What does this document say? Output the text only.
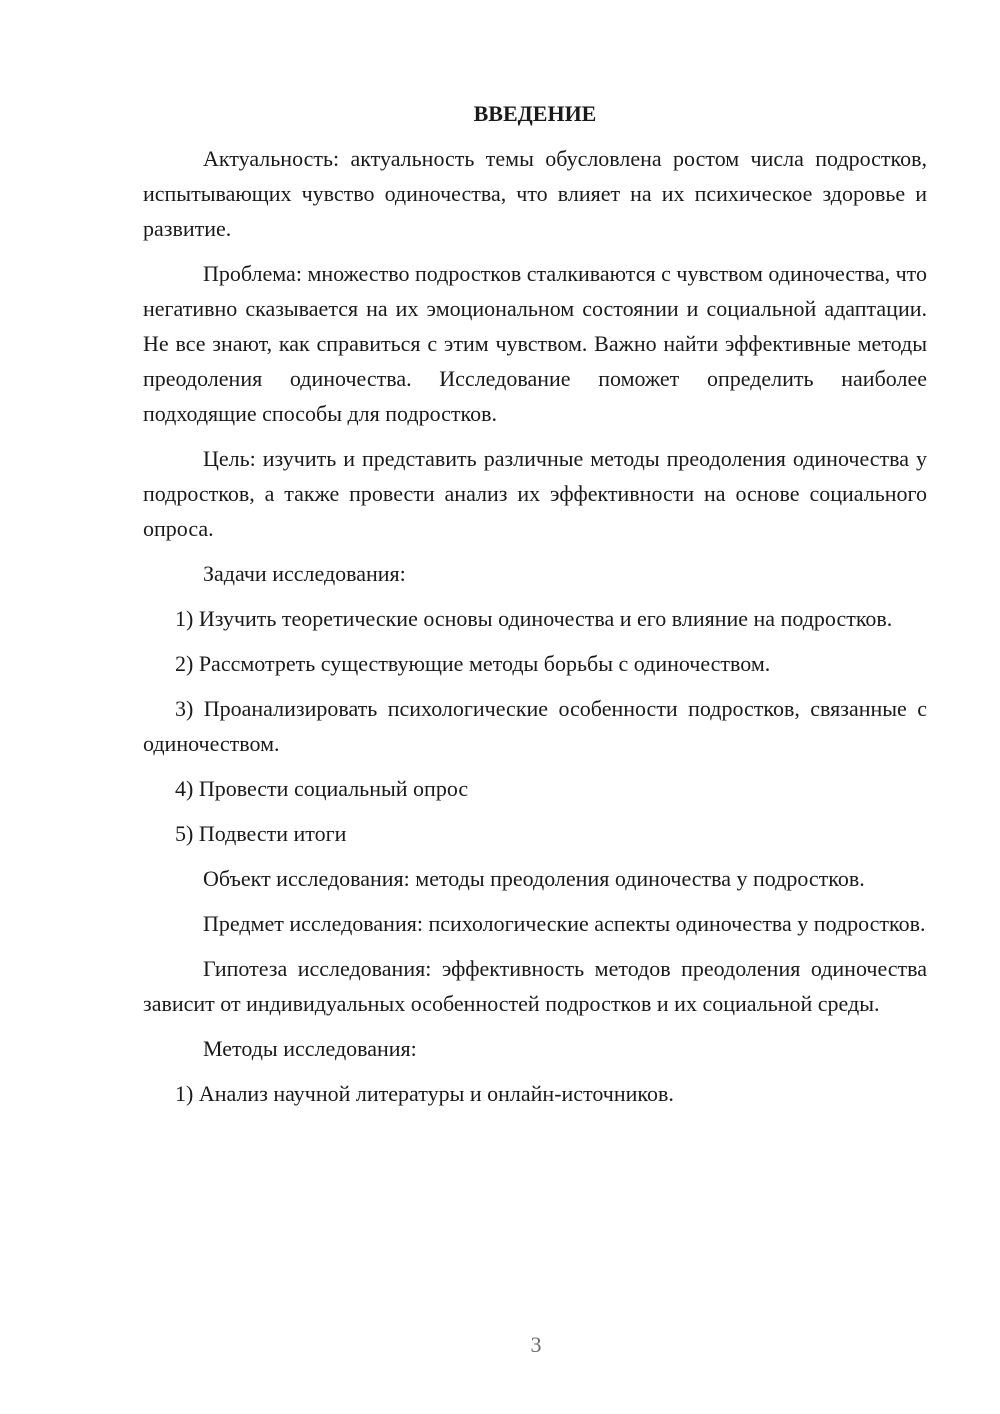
ВВЕДЕНИЕ

Актуальность: актуальность темы обусловлена ростом числа подростков, испытывающих чувство одиночества, что влияет на их психическое здоровье и развитие.

Проблема: множество подростков сталкиваются с чувством одиночества, что негативно сказывается на их эмоциональном состоянии и социальной адаптации. Не все знают, как справиться с этим чувством. Важно найти эффективные методы преодоления одиночества. Исследование поможет определить наиболее подходящие способы для подростков.

Цель: изучить и представить различные методы преодоления одиночества у подростков, а также провести анализ их эффективности на основе социального опроса.

Задачи исследования:

1) Изучить теоретические основы одиночества и его влияние на подростков.

2) Рассмотреть существующие методы борьбы с одиночеством.

3) Проанализировать психологические особенности подростков, связанные с одиночеством.

4) Провести социальный опрос

5) Подвести итоги

Объект исследования: методы преодоления одиночества у подростков.

Предмет исследования: психологические аспекты одиночества у подростков.

Гипотеза исследования: эффективность методов преодоления одиночества зависит от индивидуальных особенностей подростков и их социальной среды.

Методы исследования:

1) Анализ научной литературы и онлайн-источников.

3
